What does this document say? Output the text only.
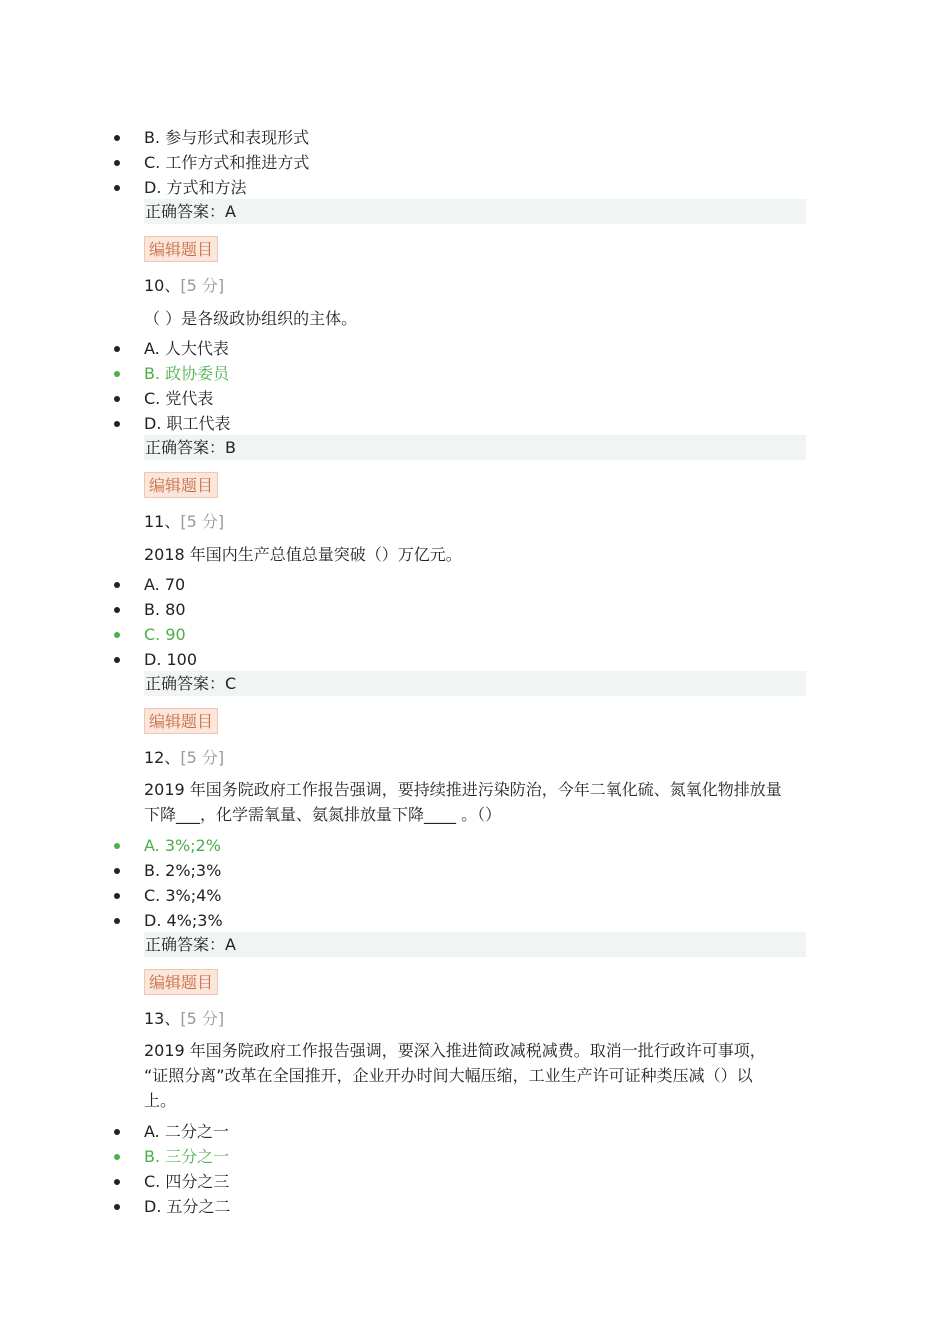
B. 参与形式和表现形式
C. 工作方式和推进方式
D. 方式和方法
正确答案：A
编辑题目
10、[5 分]
（ ）是各级政协组织的主体。
A. 人大代表
B. 政协委员
C. 党代表
D. 职工代表
正确答案：B
编辑题目
11、[5 分]
2018 年国内生产总值总量突破（）万亿元。
A. 70
B. 80
C. 90
D. 100
正确答案：C
编辑题目
12、[5 分]
2019 年国务院政府工作报告强调，要持续推进污染防治，今年二氧化硫、氮氧化物排放量
下降___，化学需氧量、氨氮排放量下降____ 。（）
A. 3%;2%
B. 2%;3%
C. 3%;4%
D. 4%;3%
正确答案：A
编辑题目
13、[5 分]
2019 年国务院政府工作报告强调，要深入推进简政减税减费。取消一批行政许可事项，
“证照分离”改革在全国推开，企业开办时间大幅压缩，工业生产许可证种类压减（）以
上。
A. 二分之一
B. 三分之一
C. 四分之三
D. 五分之二
